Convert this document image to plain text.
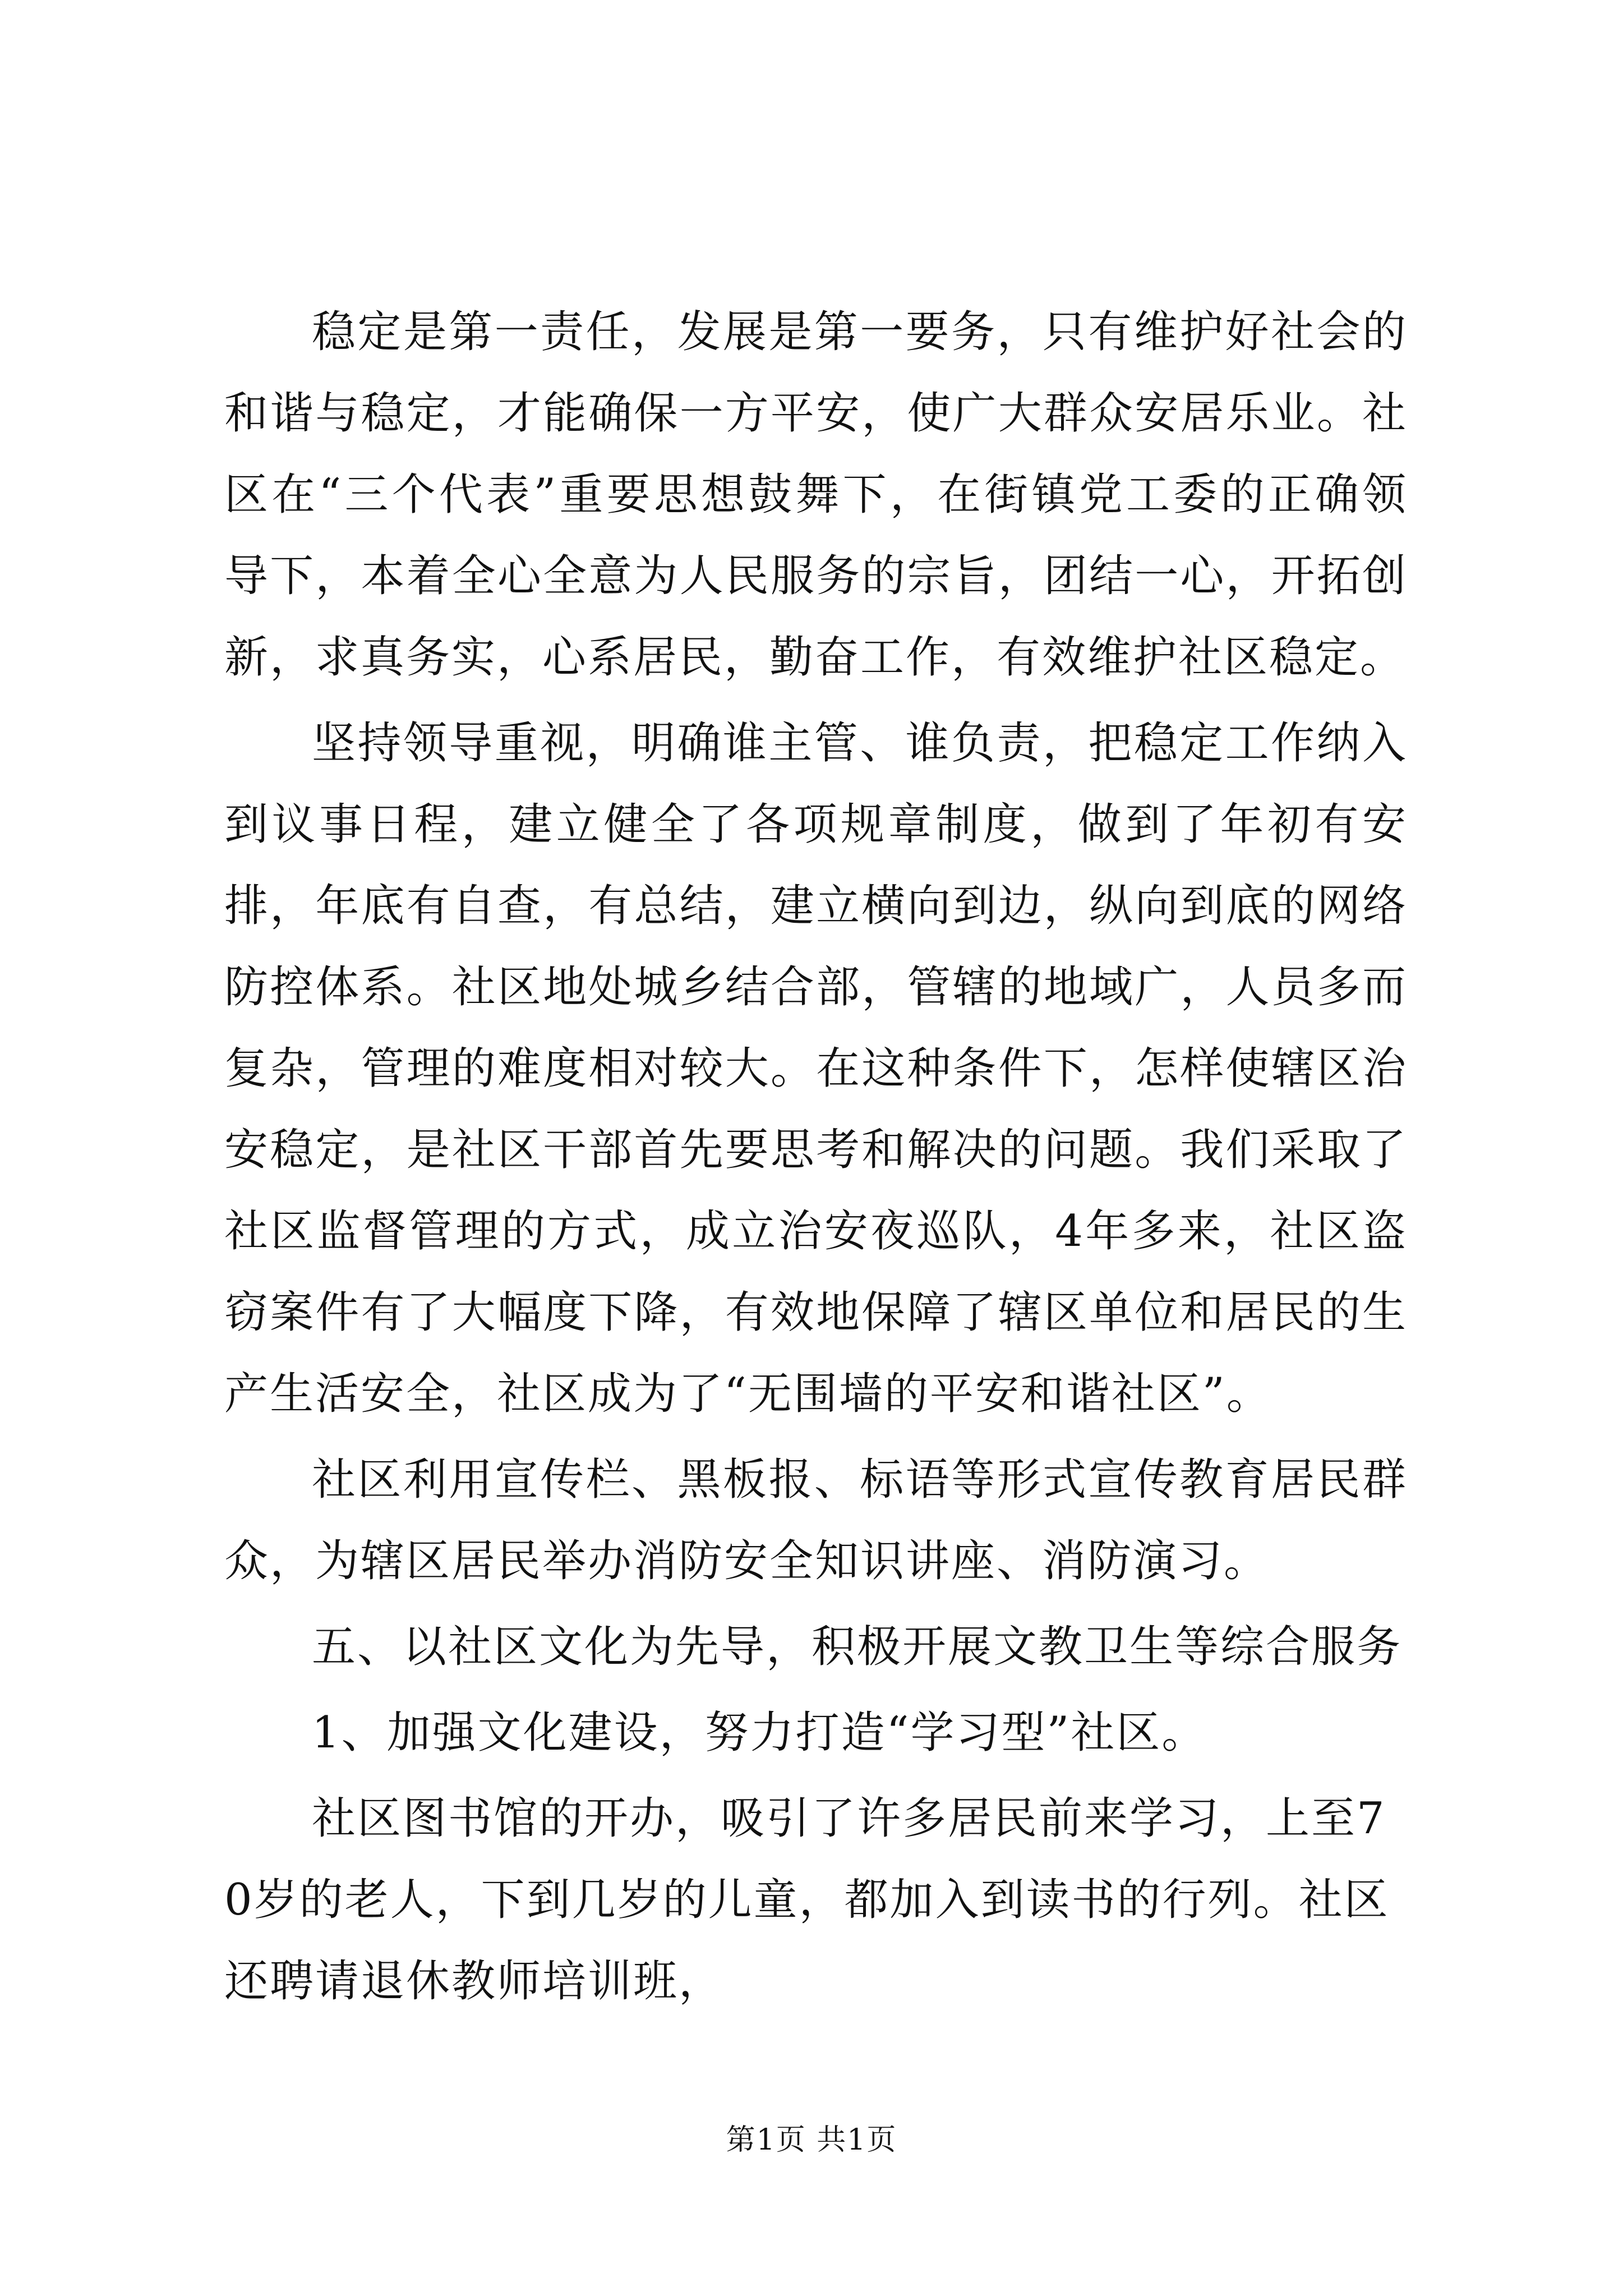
稳定是第一责任，发展是第一要务，只有维护好社会的和谐与稳定，才能确保一方平安，使广大群众安居乐业。社区在“三个代表”重要思想鼓舞下，在街镇党工委的正确领导下，本着全心全意为人民服务的宗旨，团结一心，开拓创新，求真务实，心系居民，勤奋工作，有效维护社区稳定。

坚持领导重视，明确谁主管、谁负责，把稳定工作纳入到议事日程，建立健全了各项规章制度，做到了年初有安排，年底有自查，有总结，建立横向到边，纵向到底的网络防控体系。社区地处城乡结合部，管辖的地域广，人员多而复杂，管理的难度相对较大。在这种条件下，怎样使辖区治安稳定，是社区干部首先要思考和解决的问题。我们采取了社区监督管理的方式，成立治安夜巡队，4年多来，社区盗窃案件有了大幅度下降，有效地保障了辖区单位和居民的生产生活安全，社区成为了“无围墙的平安和谐社区”。

社区利用宣传栏、黑板报、标语等形式宣传教育居民群众，为辖区居民举办消防安全知识讲座、消防演习。

五、以社区文化为先导，积极开展文教卫生等综合服务

1、加强文化建设，努力打造“学习型”社区。

社区图书馆的开办，吸引了许多居民前来学习，上至70岁的老人，下到几岁的儿童，都加入到读书的行列。社区还聘请退休教师培训班，

第1页 共1页
